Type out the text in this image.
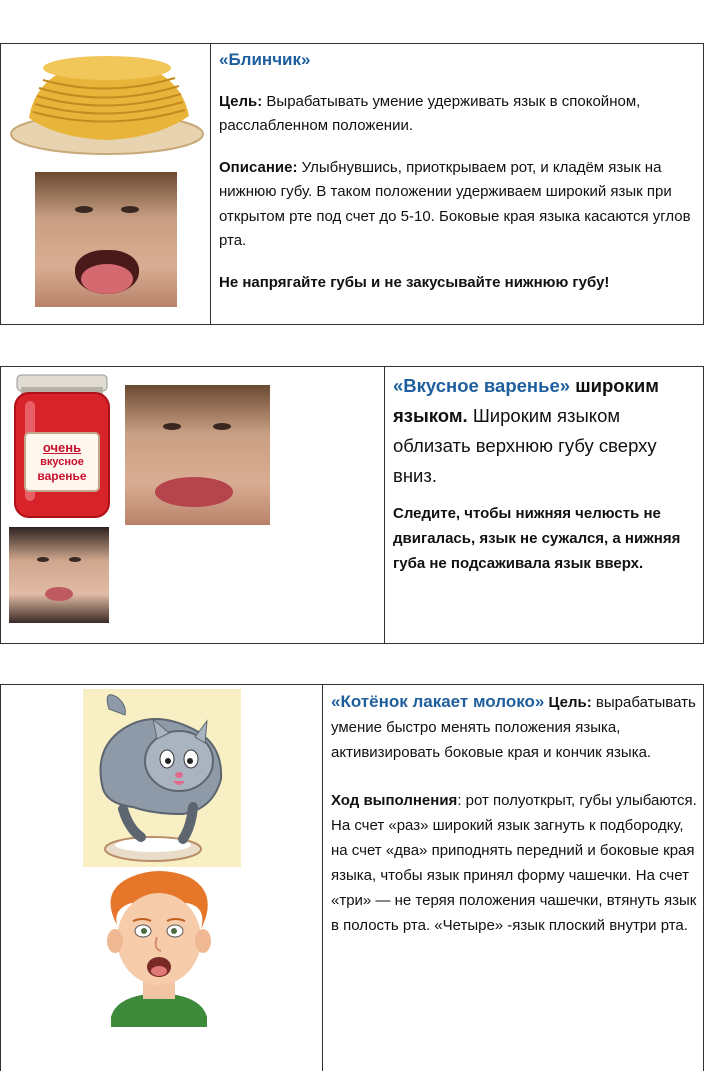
«Блинчик»

Цель: Вырабатывать умение удерживать язык в спокойном, расслабленном положении.

Описание: Улыбнувшись, приоткрываем рот, и кладём язык на нижнюю губу. В таком положении удерживаем широкий язык при открытом рте под счет до 5-10. Боковые края языка касаются углов рта.

Не напрягайте губы и не закусывайте нижнюю губу!

очень
вкусное
варенье

«Вкусное варенье» широким языком. Широким языком облизать верхнюю губу сверху вниз.

Следите, чтобы нижняя челюсть не двигалась, язык не сужался, а нижняя губа не подсаживала язык вверх.

«Котёнок лакает молоко» Цель: вырабатывать умение быстро менять положения языка, активизировать боковые края и кончик языка.

Ход выполнения: рот полуоткрыт, губы улыбаются. На счет «раз» широкий язык загнуть к подбородку, на счет «два» приподнять передний и боковые края языка, чтобы язык принял форму чашечки. На счет «три» — не теряя положения чашечки, втянуть язык в полость рта. «Четыре» -язык плоский внутри рта.
